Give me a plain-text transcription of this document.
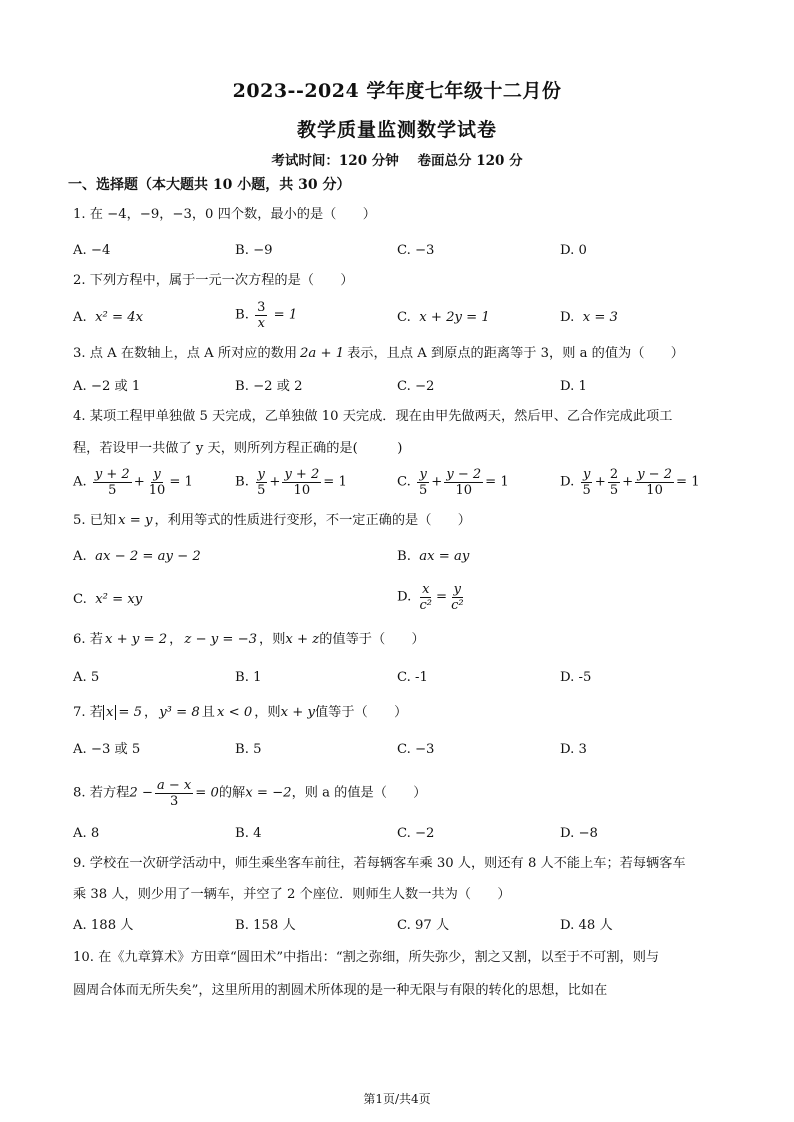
2023--2024 学年度七年级十二月份
教学质量监测数学试卷
考试时间：120 分钟 卷面总分 120 分
一、选择题（本大题共 10 小题，共 30 分）
1. 在 −4，−9，−3，0 四个数，最小的是（　　）
A. −4	B. −9	C. −3	D. 0
2. 下列方程中，属于一元一次方程的是（　　）
A. x² = 4x	B. $\frac{3}{x} = 1$	C. x + 2y = 1	D. x = 3
3. 点 A 在数轴上，点 A 所对应的数用 2a + 1 表示，且点 A 到原点的距离等于 3，则 a 的值为（　　）
A. −2 或 1	B. −2 或 2	C. −2	D. 1
4. 某项工程甲单独做 5 天完成，乙单独做 10 天完成．现在由甲先做两天，然后甲、乙合作完成此项工
程，若设甲一共做了 y 天，则所列方程正确的是(　　　)
A. $\frac{y + 2}{5} + \frac{y}{10} = 1$	B. $\frac{y}{5} + \frac{y + 2}{10} = 1$	C. $\frac{y}{5} + \frac{y - 2}{10} = 1$	D. $\frac{y}{5} + \frac{2}{5} + \frac{y - 2}{10} = 1$
5. 已知 x = y ，利用等式的性质进行变形，不一定正确的是（　　）
A. ax − 2 = ay − 2	B. ax = ay
C. x² = xy	D. $\frac{x}{\text{c²}} = \frac{y}{\text{c²}}$
6. 若 x + y = 2 ， z − y = −3 ，则x + z的值等于（　　）
A. 5	B. 1	C. -1	D. -5
7. 若 x = 5 ， y³ = 8 且 x < 0 ，则x + y值等于（　　）
A. −3 或 5	B. 5	C. −3	D. 3
8. 若方程$2 - \frac{a - x}{3} = 0$的解x = −2，则 a 的值是（　　）
A. 8	B. 4	C. −2	D. −8
9. 学校在一次研学活动中，师生乘坐客车前往，若每辆客车乘 30 人，则还有 8 人不能上车；若每辆客车
乘 38 人，则少用了一辆车，并空了 2 个座位．则师生人数一共为（　　）
A. 188 人	B. 158 人	C. 97 人	D. 48 人
10. 在《九章算术》方田章“圆田术”中指出：“割之弥细，所失弥少，割之又割，以至于不可割，则与
圆周合体而无所失矣”，这里所用的割圆术所体现的是一种无限与有限的转化的思想，比如在
第1页/共4页
